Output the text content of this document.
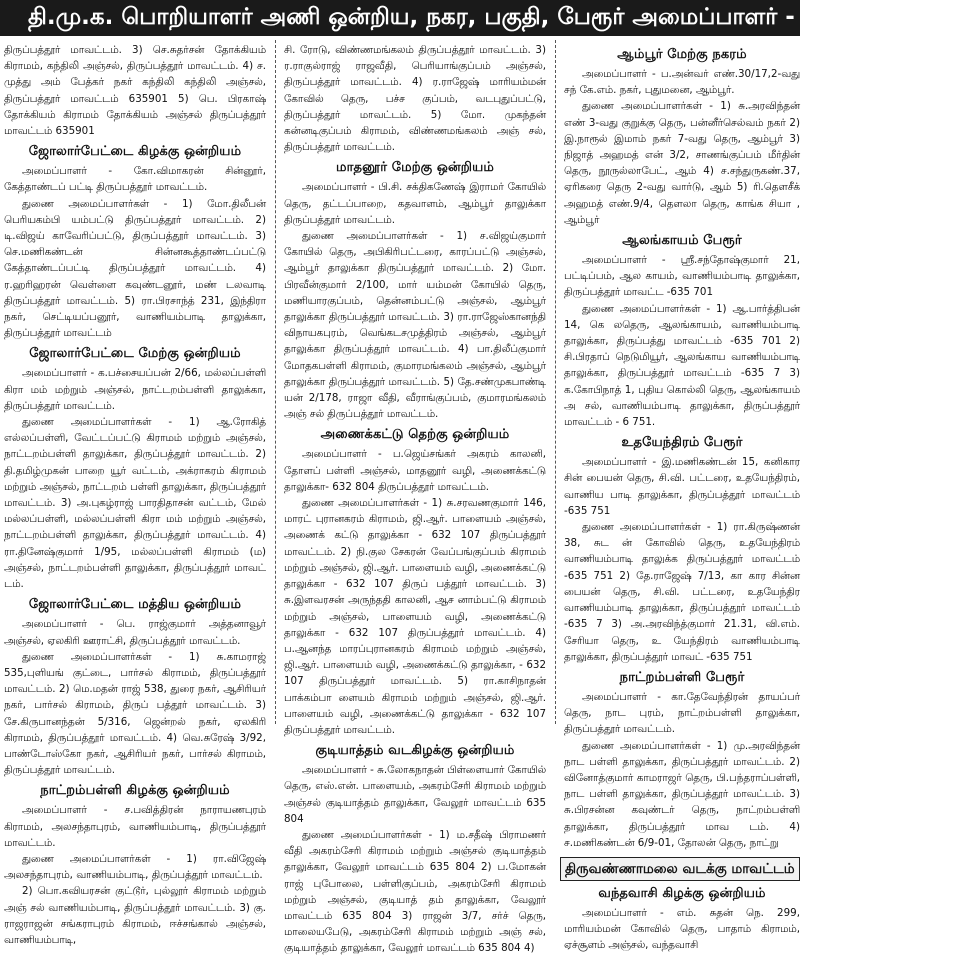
தி.மு.க. பொறியாளர் அணி ஒன்றிய, நகர, பகுதி, பேரூர் அமைப்பாளர் - துணை அமைப்

திருப்பத்தூர் மாவட்டம். 3) செ.சுதர்சன் தோக்கியம் கிராமம், கந்திலி அஞ்சல், திருப்பத்தூர் மாவட்டம். 4) ச. முத்து அம் பேத்கர் நகர் கந்திலி கந்திலி அஞ்சல், திருப்பத்தூர் மாவட்டம் 635901 5) பெ. பிரகாஷ் தோக்கியம் கிராமம் தோக்கியம் அஞ்சல் திருப்பத்தூர் மாவட்டம் 635901

ஜோலார்பேட்டை கிழக்கு ஒன்றியம்

அமைப்பாளர் - கோ.விமாகரன் சின்னூர், கேத்தாண்டப் பட்டி திருப்பத்தூர் மாவட்டம்.

துணை அமைப்பாளர்கள் - 1) மோ.திலீபன் பெரியகம்பி யம்பட்டு திருப்பத்தூர் மாவட்டம். 2) டி.விஜய் காவேரிப்பட்டு, திருப்பத்தூர் மாவட்டம். 3) செ.மணிகண்டன் சின்னகூத்தாண்டப்பட்டு கேத்தாண்டப்பட்டி திருப்பத்தூர் மாவட்டம். 4) ர.ஹரிஹரன் வெள்ளை கவுண்டனூர், மண் டலவாடி திருப்பத்தூர் மாவட்டம். 5) ரா.பிரசாந்த் 231, இந்திரா நகர், செட்டியப்பனூர், வாணியம்பாடி தாலுக்கா, திருப்பத்தூர் மாவட்டம்

ஜோலார்பேட்டை மேற்கு ஒன்றியம்

அமைப்பாளர் - க.பச்சையப்பன் 2/66, மல்லப்பள்ளி கிரா மம் மற்றும் அஞ்சல், நாட்டறம்பள்ளி தாலுக்கா, திருப்பத்தூர் மாவட்டம்.

துணை அமைப்பாளர்கள் - 1) ஆ.ரோகித் எல்லப்பள்ளி, வேட்டப்பட்டு கிராமம் மற்றும் அஞ்சல், நாட்டறம்பள்ளி தாலுக்கா, திருப்பத்தூர் மாவட்டம். 2) தி.தமிழ்முகன் பாறை யூர் வட்டம், அக்ராகரம் கிராமம் மற்றும் அஞ்சல், நாட்டறம் பள்ளி தாலுக்கா, திருப்பத்தூர் மாவட்டம். 3) அ.புகழ்ராஜ் பாரதிதாசன் வட்டம், மேல் மல்லப்பள்ளி, மல்லப்பள்ளி கிரா மம் மற்றும் அஞ்சல், நாட்டறம்பள்ளி தாலுக்கா, திருப்பத்தூர் மாவட்டம். 4) ரா.தினேஷ்குமார் 1/95, மல்லப்பள்ளி கிராமம் (ம) அஞ்சல், நாட்டறம்பள்ளி தாலுக்கா, திருப்பத்தூர் மாவட் டம்.

ஜோலார்பேட்டை மத்திய ஒன்றியம்

அமைப்பாளர் - பெ. ராஜ்குமார் அத்தனாவூர் அஞ்சல், ஏலகிரி ஊராட்சி, திருப்பத்தூர் மாவட்டம்.

துணை அமைப்பாளர்கள் - 1) சு.காமராஜ் 535,புளியங் குட்டை, பார்சல் கிராமம், திருப்பத்தூர் மாவட்டம். 2) மெ.மதன் ராஜ் 538, துரை நகர், ஆசிரியர் நகர், பார்சல் கிராமம், திருப் பத்தூர் மாவட்டம். 3) சே.கிருபானந்தன் 5/316, ஜென்றல் நகர், ஏலகிரி கிராமம், திருப்பத்தூர் மாவட்டம். 4) வெ.சுரேஷ் 3/92, பாண்டோஸ்கோ நகர், ஆசிரியர் நகர், பார்சல் கிராமம், திருப்பத்தூர் மாவட்டம்.

நாட்றம்பள்ளி கிழக்கு ஒன்றியம்

அமைப்பாளர் - ச.பவித்திரன் நாராயணபுரம் கிராமம், அலசந்தாபுரம், வாணியம்பாடி, திருப்பத்தூர் மாவட்டம்.

துணை அமைப்பாளர்கள் - 1) ரா.விஜேஷ் அலசந்தாபுரம், வாணியம்பாடி, திருப்பத்தூர் மாவட்டம்.

2) பொ.கவியரசன் குட்டூர், புல்லூர் கிராமம் மற்றும் அஞ் சல் வாணியம்பாடி, திருப்பத்தூர் மாவட்டம். 3) கு. ராஜராஜன் சங்கராபுரம் கிராமம், ஈச்சங்கால் அஞ்சல், வாணியம்பாடி,

சி. ரோடு, விண்ணமங்கலம் திருப்பத்தூர் மாவட்டம். 3) ர.ராகுல்ராஜ் ராஜவீதி, பெரியாங்குப்பம் அஞ்சல், திருப்பத்தூர் மாவட்டம். 4) ர.ராஜேஷ் மாரியம்மன் கோவில் தெரு, பச்ச குப்பம், வடபுதுப்பட்டு, திருப்பத்தூர் மாவட்டம். 5) மோ. முகந்தன் கன்னடிகுப்பம் கிராமம், விண்ணமங்கலம் அஞ் சல், திருப்பத்தூர் மாவட்டம்.

மாதனூர் மேற்கு ஒன்றியம்

அமைப்பாளர் - பி.சி. சக்திகணேஷ் இராமர் கோயில் தெரு, தட்டப்பாறை, கதவாளம், ஆம்பூர் தாலுக்கா திருப்பத்தூர் மாவட்டம்.

துணை அமைப்பாளர்கள் - 1) ச.விஜய்குமார் கோயில் தெரு, அபிகிரிபட்டரை, காரப்பட்டு அஞ்சல், ஆம்பூர் தாலுக்கா திருப்பத்தூர் மாவட்டம். 2) மோ. பிரவீன்குமார் 2/100, மார் யம்மன் கோயில் தெரு, மணியாரகுப்பம், தென்னம்பட்டு அஞ்சல், ஆம்பூர் தாலுக்கா திருப்பத்தூர் மாவட்டம். 3) ரா.ராஜேஸ்கானந்தி விநாயகபுரம், வெங்கடசமுத்திரம் அஞ்சல், ஆம்பூர் தாலுக்கா திருப்பத்தூர் மாவட்டம். 4) பா.திலீப்குமார் மோதகபள்ளி கிராமம், குமாரமங்கலம் அஞ்சல், ஆம்பூர் தாலுக்கா திருப்பத்தூர் மாவட்டம். 5) தே.சண்முகபாண்டி யன் 2/178, ராஜா வீதி, வீராங்குப்பம், குமாரமங்கலம் அஞ் சல் திருப்பத்தூர் மாவட்டம்.

அணைக்கட்டு தெற்கு ஒன்றியம்

அமைப்பாளர் - ப.ஜெய்சங்கர் அகரம் காலனி, தோளப் பள்ளி அஞ்சல், மாதனூர் வழி, அணைக்கட்டு தாலுக்கா- 632 804 திருப்பத்தூர் மாவட்டம்.

துணை அமைப்பாளர்கள் - 1) சு.சரவணகுமார் 146, மாரட் புரானகரம் கிராமம், ஜி.ஆர். பாளையம் அஞ்சல், அணைக் கட்டு தாலுக்கா - 632 107 திருப்பத்தூர் மாவட்டம். 2) நி.குல சேகரன் வேப்பங்குப்பம் கிராமம் மற்றும் அஞ்சல், ஜி.ஆர். பாளையம் வழி, அணைக்கட்டு தாலுக்கா - 632 107 திருப் பத்தூர் மாவட்டம். 3) சு.இளவரசன் அருந்ததி காலனி, ஆச னாம்பட்டு கிராமம் மற்றும் அஞ்சல், பாளையம் வழி, அணைக்கட்டு தாலுக்கா - 632 107 திருப்பத்தூர் மாவட்டம். 4) ப.ஆனந்த மாரப்புரானகரம் கிராமம் மற்றும் அஞ்சல், ஜி.ஆர். பாளையம் வழி, அணைக்கட்டு தாலுக்கா, - 632 107 திருப்பத்தூர் மாவட்டம். 5) ரா.காசிநாதன் பாக்கம்பா ளையம் கிராமம் மற்றும் அஞ்சல், ஜி.ஆர். பாளையம் வழி, அணைக்கட்டு தாலுக்கா - 632 107 திருப்பத்தூர் மாவட்டம்.

குடியாத்தம் வடகிழக்கு ஒன்றியம்

அமைப்பாளர் - சு.லோகநாதன் பிள்ளையார் கோயில் தெரு, எஸ்.என். பாளையம், அகரம்சேரி கிராமம் மற்றும் அஞ்சல் குடியாத்தம் தாலுக்கா, வேலூர் மாவட்டம் 635 804

துணை அமைப்பாளர்கள் - 1) ம.சதீஷ் பிராமணர் வீதி அகரம்சேரி கிராமம் மற்றும் அஞ்சல் குடியாத்தம் தாலுக்கா, வேலூர் மாவட்டம் 635 804 2) ப.மோகன் ராஜ் புபோலை, பள்ளிகுப்பம், அகரம்சேரி கிராமம் மற்றும் அஞ்சல், குடியாத் தம் தாலுக்கா, வேலூர் மாவட்டம் 635 804 3) ராஜன் 3/7, சர்ச் தெரு, மாலையபேடு, அகரம்சேரி கிராமம் மற்றும் அஞ் சல், குடியாத்தம் தாலுக்கா, வேலூர் மாவட்டம் 635 804 4)

ஆம்பூர் மேற்கு நகரம்

அமைப்பாளர் - ப.அன்வர் எண்.30/17,2-வது சந் கே.எம். நகர், புதுமனை, ஆம்பூர்.

துணை அமைப்பாளர்கள் - 1) சு.அரவிந்தன் எண் 3-வது குறுக்கு தெரு, பன்னீர்செல்வம் நகர் 2) இ.நாரூல் இமாம் நகர் 7-வது தெரு, ஆம்பூர் 3) நிஜாத் அஹமத் என் 3/2, சாணங்குப்பம் மீர்தின் தெரு, நூருல்லாபேட், ஆம் 4) ச.சந்துருகண்.37, ஏரிகரை தெரு 2-வது வார்டு, ஆம் 5) ரி.தெளசீக் அஹமத் எண்.9/4, தெளலா தெரு, காங்க சியா , ஆம்பூர்

ஆலங்காயம் பேரூர்

அமைப்பாளர் - ஸ்ரீ.சந்தோஷ்குமார் 21, பட்டிப்பம், ஆல காயம், வாணியம்பாடி தாலுக்கா, திருப்பத்தூர் மாவட்ட -635 701

துணை அமைப்பாளர்கள் - 1) ஆ.பார்த்திபன் 14, கெ லதெரு, ஆலங்காயம், வாணியம்பாடி தாலுக்கா, திருப்பத்து மாவட்டம் -635 701 2) சி.பிரதாப் நெடுமியூர், ஆலங்காய வாணியம்பாடி தாலுக்கா, திருப்பத்தூர் மாவட்டம் -635 7 3) க.கோபிநாத் 1, புதிய கொல்லி தெரு, ஆலங்காயம் அ சல், வாணியம்பாடி தாலுக்கா, திருப்பத்தூர் மாவட்டம் - 6 751.

உதயேந்திரம் பேரூர்

அமைப்பாளர் - இ.மணிகண்டன் 15, கனிகார சின் பையன் தெரு, சி.வி. பட்டரை, உதயேந்திரம், வாணிய பாடி தாலுக்கா, திருப்பத்தூர் மாவட்டம் -635 751

துணை அமைப்பாளர்கள் - 1) ரா.கிருஷ்ணன் 38, சுட ன் கோவில் தெரு, உதயேந்திரம் வாணியம்பாடி தாலுக்க திருப்பத்தூர் மாவட்டம் -635 751 2) தே.ராஜேஷ் 7/13, கா கார சின்ன பையன் தெரு, சி.வி. பட்டரை, உதயேந்திர வாணியம்பாடி தாலுக்கா, திருப்பத்தூர் மாவட்டம் -635 7 3) அ.அரவிந்த்குமார் 21.31, வி.எம். சேரியா தெரு, உ யேந்திரம் வாணியம்பாடி தாலுக்கா, திருப்பத்தூர் மாவட் -635 751

நாட்றம்பள்ளி பேரூர்

அமைப்பாளர் - கா.தேவேந்திரன் தாயப்பர் தெரு, நாட புரம், நாட்றம்பள்ளி தாலுக்கா, திருப்பத்தூர் மாவட்டம்.

துணை அமைப்பாளர்கள் - 1) மு.அரவிந்தன் நாட பள்ளி தாலுக்கா, திருப்பத்தூர் மாவட்டம். 2) வினோத்குமார் காமராஜர் தெரு, பி.பந்தராப்பள்ளி, நாட பள்ளி தாலுக்கா, திருப்பத்தூர் மாவட்டம். 3) சு.பிரசன்ன கவுண்டர் தெரு, நாட்றம்பள்ளி தாலுக்கா, திருப்பத்தூர் மாவ டம். 4) ச.மணிகண்டன் 6/9-01, தோலன் தெரு, நாட்று

திருவண்ணாமலை வடக்கு மாவட்டம்
வந்தவாசி கிழக்கு ஒன்றியம்

அமைப்பாளர் - எம். சுதன் நெ. 299, மாரியம்மன் கோவில் தெரு, பாதாம் கிராமம், ஏச்சூளம் அஞ்சல், வந்தவாசி
